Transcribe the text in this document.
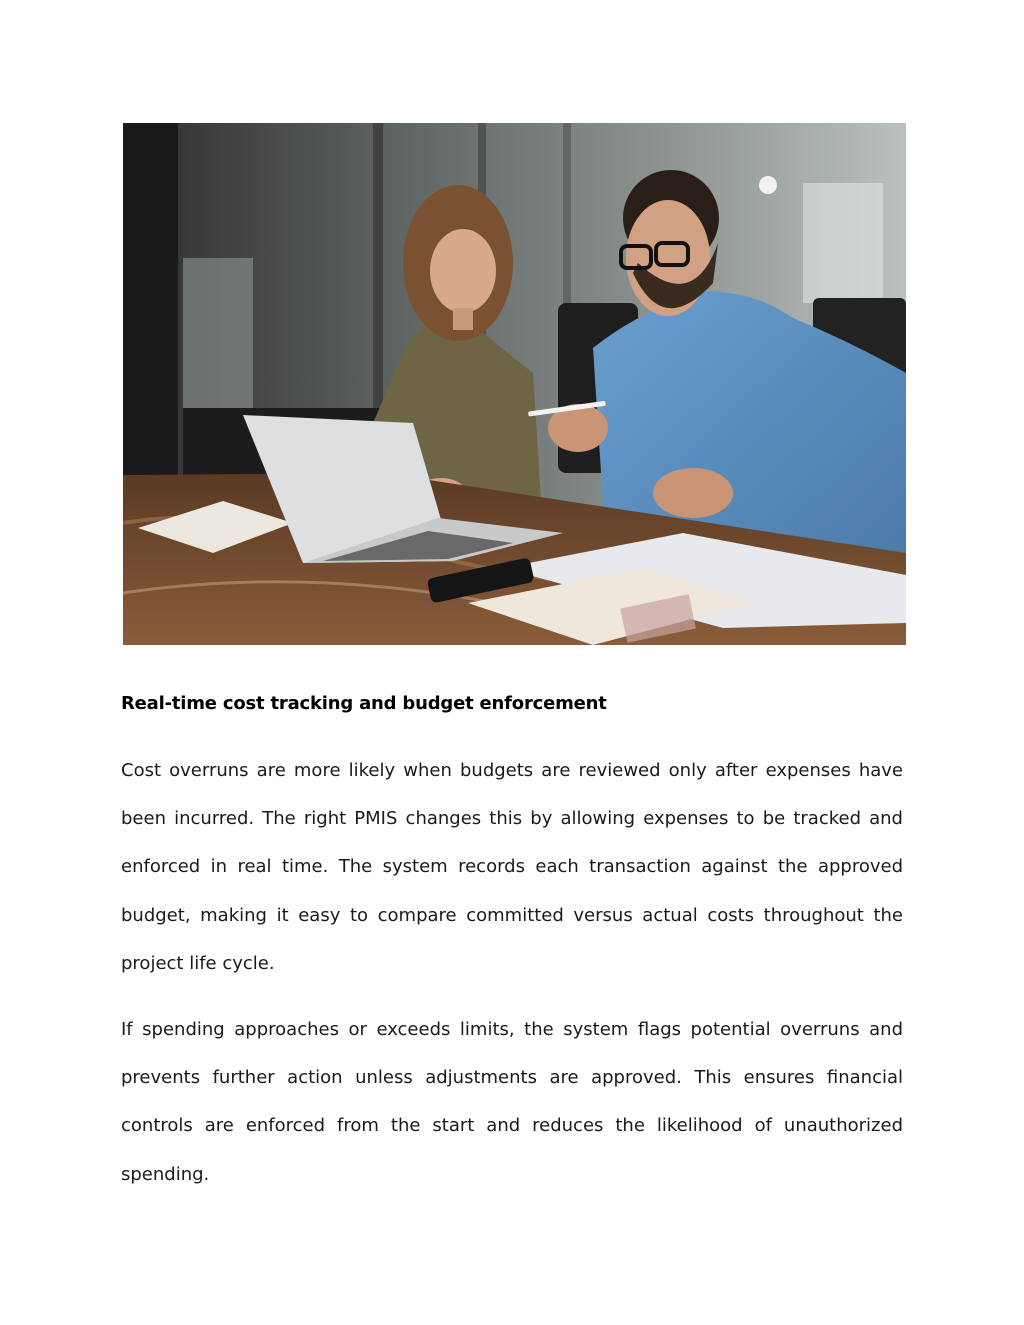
Real-time cost tracking and budget enforcement

Cost overruns are more likely when budgets are reviewed only after expenses have been incurred. The right PMIS changes this by allowing expenses to be tracked and enforced in real time. The system records each transaction against the approved budget, making it easy to compare committed versus actual costs throughout the project life cycle.

If spending approaches or exceeds limits, the system flags potential overruns and prevents further action unless adjustments are approved. This ensures financial controls are enforced from the start and reduces the likelihood of unauthorized spending.
